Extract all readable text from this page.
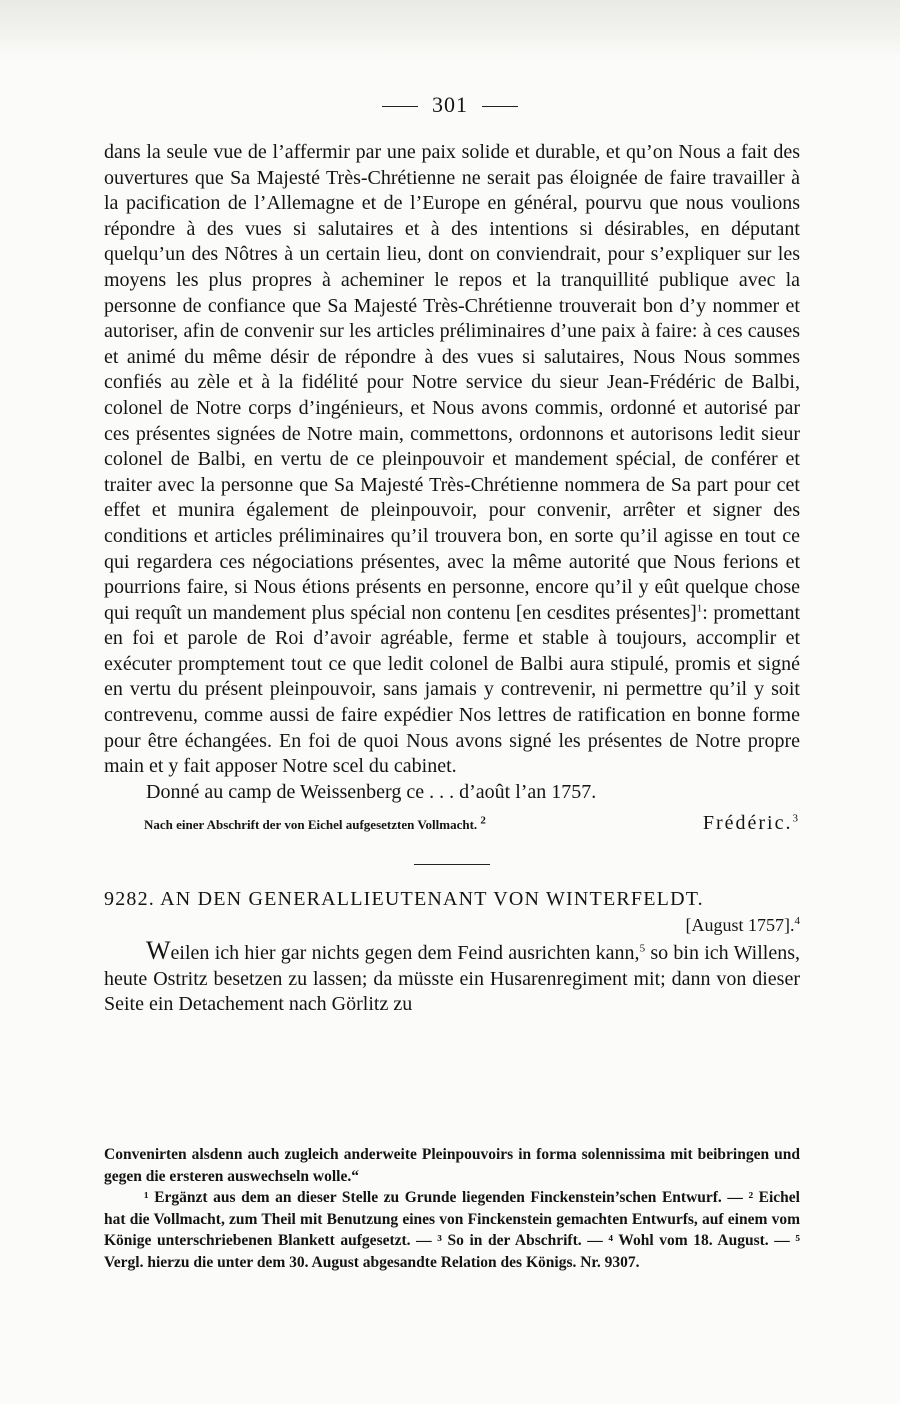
301

dans la seule vue de l’affermir par une paix solide et durable, et qu’on Nous a fait des ouvertures que Sa Majesté Très-Chrétienne ne serait pas éloignée de faire travailler à la pacification de l’Allemagne et de l’Europe en général, pourvu que nous voulions répondre à des vues si salutaires et à des intentions si désirables, en députant quelqu’un des Nôtres à un certain lieu, dont on conviendrait, pour s’expliquer sur les moyens les plus propres à acheminer le repos et la tranquillité publique avec la personne de confiance que Sa Majesté Très-Chrétienne trouverait bon d’y nommer et autoriser, afin de convenir sur les articles préliminaires d’une paix à faire: à ces causes et animé du même désir de répondre à des vues si salutaires, Nous Nous sommes confiés au zèle et à la fidélité pour Notre service du sieur Jean-Frédéric de Balbi, colonel de Notre corps d’ingénieurs, et Nous avons commis, ordonné et autorisé par ces présentes signées de Notre main, commettons, ordonnons et autorisons ledit sieur colonel de Balbi, en vertu de ce pleinpouvoir et mandement spécial, de conférer et traiter avec la personne que Sa Majesté Très-Chrétienne nommera de Sa part pour cet effet et munira également de pleinpouvoir, pour convenir, arrêter et signer des conditions et articles préliminaires qu’il trouvera bon, en sorte qu’il agisse en tout ce qui regardera ces négociations présentes, avec la même autorité que Nous ferions et pourrions faire, si Nous étions présents en personne, encore qu’il y eût quelque chose qui requît un mandement plus spécial non contenu [en cesdites présentes]$^1$: promettant en foi et parole de Roi d’avoir agréable, ferme et stable à toujours, accomplir et exécuter promptement tout ce que ledit colonel de Balbi aura stipulé, promis et signé en vertu du présent pleinpouvoir, sans jamais y contrevenir, ni permettre qu’il y soit contrevenu, comme aussi de faire expédier Nos lettres de ratification en bonne forme pour être échangées. En foi de quoi Nous avons signé les présentes de Notre propre main et y fait apposer Notre scel du cabinet.

Donné au camp de Weissenberg ce . . . d’août l’an 1757.

Nach einer Abschrift der von Eichel aufgesetzten Vollmacht. $^2$	Frédéric.$^3$

9282. AN DEN GENERALLIEUTENANT VON WINTERFELDT.

[August 1757].$^4$

Weilen ich hier gar nichts gegen dem Feind ausrichten kann,$^5$ so bin ich Willens, heute Ostritz besetzen zu lassen; da müsste ein Husarenregiment mit; dann von dieser Seite ein Detachement nach Görlitz zu

Convenirten alsdenn auch zugleich anderweite Pleinpouvoirs in forma solennissima mit beibringen und gegen die ersteren auswechseln wolle.“

¹ Ergänzt aus dem an dieser Stelle zu Grunde liegenden Finckenstein’schen Entwurf. — ² Eichel hat die Vollmacht, zum Theil mit Benutzung eines von Finckenstein gemachten Entwurfs, auf einem vom Könige unterschriebenen Blankett aufgesetzt. — ³ So in der Abschrift. — ⁴ Wohl vom 18. August. — ⁵ Vergl. hierzu die unter dem 30. August abgesandte Relation des Königs. Nr. 9307.
